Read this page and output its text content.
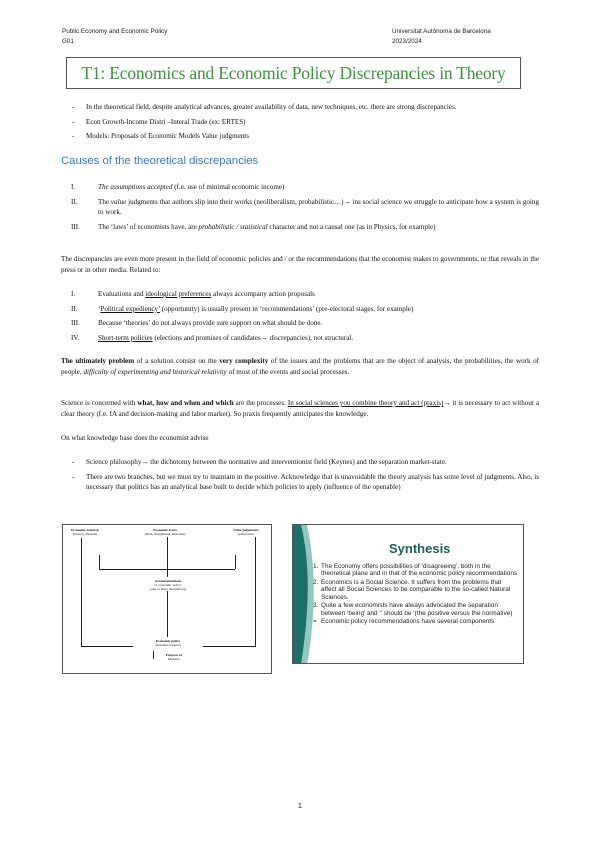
Public Economy and Economic Policy
G01
Universitat Autònoma de Barcelona
2023/2024
T1: Economics and Economic Policy Discrepancies in Theory
- In the theoretical field, despite analytical advances, greater availability of data, new techniques, etc. there are strong discrepancies.
- Econ Growth-Income Distri –Interal Trade (ex: ERTES)
- Models: Proposals of Economic Models Value judgments
Causes of the theoretical discrepancies
I.	The assumptions accepted (f.e. use of minimal economic income)
II.	The value judgments that authors slip into their works (neoliberalism, probabilistic…)→ ins social science we struggle to anticipate how a system is going to work.
III.	The ‘laws’ of economists have, are probabilistic / statistical character and not a causal one (as in Physics, for example)
The discrepancies are even more present in the field of economic policies and / or the recommendations that the economist makes to governments, or that reveals in the press or in other media. Related to:
I.	Evaluations and ideological preferences always accompany action proposals
II.	‘Political expediency’ (opportunity) is usually present in ‘recommendations’ (pre-electoral stages, for example)
III.	Because ‘theories’ do not always provide sure support on what should be done.
IV.	Short-term policies (elections and promises of candidates→ discrepancies), not structural.
The ultimately problem of a solution consist on the very complexity of the issues and the problems that are the object of analysis, the probabilities, the work of people, difficulty of experimenting and historical relativity of most of the events and social processes.
Science is concerned with what, how and when and which are the processes. In social sciences you combine theory and act (praxis)→ it is necessary to act without a clear theory (f.e. IA and decision-making and labor market). So praxis frequently anticipates the knowledge.
On what knowledge base does the economist advise
- Science philosophy→ the dichotomy between the normative and interventionist field (Keynes) and the separation market-state.
- There are two branches, but we must try to maintain in the positive. Acknowledge that is unavoidable the theory analysis has some level of judgments. Also, is necessary that politics has an analytical base built to decide which policies to apply (influence of the openable)
Economic Analysis
(Theory, Models)
Economic Facts
(Data, Judgmental, structure)
Value judgments/
preferences
recommendations
of economic policy
(one or more alternatives)
Economic policy
measures adopted
Purpose or
Measure
Synthesis
1. The Economy offers possibilities of ‘disagreeing’, both in the theoretical plane and in that of the economic policy recommendations
2. Economics is a Social Science. It suffers from the problems that affect all Social Sciences to be comparable to the so-called Natural Sciences.
3. Quite a few economists have always advocated the separation between ‘being’ and ‘’ should be ‘(the positive versus the normative)
= Economic policy recommendations have several components
1
